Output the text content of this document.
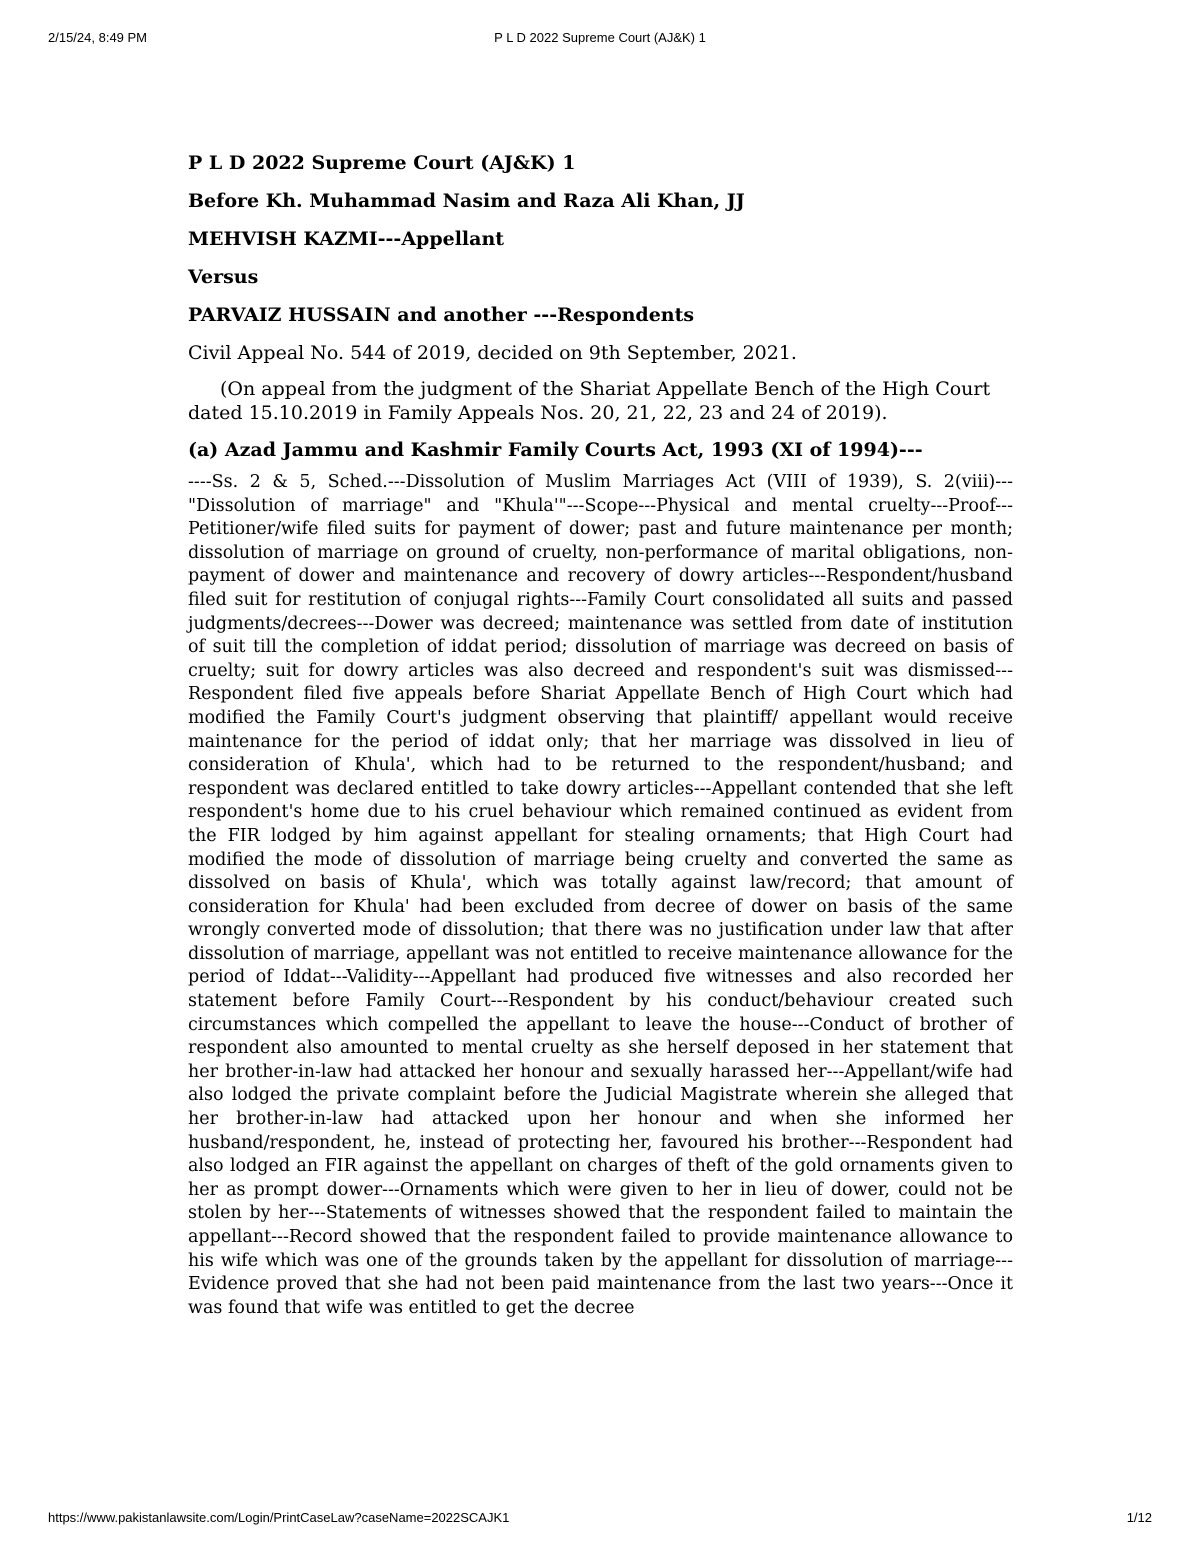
2/15/24, 8:49 PM	P L D 2022 Supreme Court (AJ&K) 1
P L D 2022 Supreme Court (AJ&K) 1
Before Kh. Muhammad Nasim and Raza Ali Khan, JJ
MEHVISH KAZMI---Appellant
Versus
PARVAIZ HUSSAIN and another ---Respondents
Civil Appeal No. 544 of 2019, decided on 9th September, 2021.
(On appeal from the judgment of the Shariat Appellate Bench of the High Court dated 15.10.2019 in Family Appeals Nos. 20, 21, 22, 23 and 24 of 2019).
(a) Azad Jammu and Kashmir Family Courts Act, 1993 (XI of 1994)---
----Ss. 2 & 5, Sched.---Dissolution of Muslim Marriages Act (VIII of 1939), S. 2(viii)---"Dissolution of marriage" and "Khula'"---Scope---Physical and mental cruelty---Proof---Petitioner/wife filed suits for payment of dower; past and future maintenance per month; dissolution of marriage on ground of cruelty, non-performance of marital obligations, non-payment of dower and maintenance and recovery of dowry articles---Respondent/husband filed suit for restitution of conjugal rights---Family Court consolidated all suits and passed judgments/decrees---Dower was decreed; maintenance was settled from date of institution of suit till the completion of iddat period; dissolution of marriage was decreed on basis of cruelty; suit for dowry articles was also decreed and respondent's suit was dismissed---Respondent filed five appeals before Shariat Appellate Bench of High Court which had modified the Family Court's judgment observing that plaintiff/ appellant would receive maintenance for the period of iddat only; that her marriage was dissolved in lieu of consideration of Khula', which had to be returned to the respondent/husband; and respondent was declared entitled to take dowry articles---Appellant contended that she left respondent's home due to his cruel behaviour which remained continued as evident from the FIR lodged by him against appellant for stealing ornaments; that High Court had modified the mode of dissolution of marriage being cruelty and converted the same as dissolved on basis of Khula', which was totally against law/record; that amount of consideration for Khula' had been excluded from decree of dower on basis of the same wrongly converted mode of dissolution; that there was no justification under law that after dissolution of marriage, appellant was not entitled to receive maintenance allowance for the period of Iddat---Validity---Appellant had produced five witnesses and also recorded her statement before Family Court---Respondent by his conduct/behaviour created such circumstances which compelled the appellant to leave the house---Conduct of brother of respondent also amounted to mental cruelty as she herself deposed in her statement that her brother-in-law had attacked her honour and sexually harassed her---Appellant/wife had also lodged the private complaint before the Judicial Magistrate wherein she alleged that her brother-in-law had attacked upon her honour and when she informed her husband/respondent, he, instead of protecting her, favoured his brother---Respondent had also lodged an FIR against the appellant on charges of theft of the gold ornaments given to her as prompt dower---Ornaments which were given to her in lieu of dower, could not be stolen by her---Statements of witnesses showed that the respondent failed to maintain the appellant---Record showed that the respondent failed to provide maintenance allowance to his wife which was one of the grounds taken by the appellant for dissolution of marriage---Evidence proved that she had not been paid maintenance from the last two years---Once it was found that wife was entitled to get the decree
https://www.pakistanlawsite.com/Login/PrintCaseLaw?caseName=2022SCAJK1	1/12
